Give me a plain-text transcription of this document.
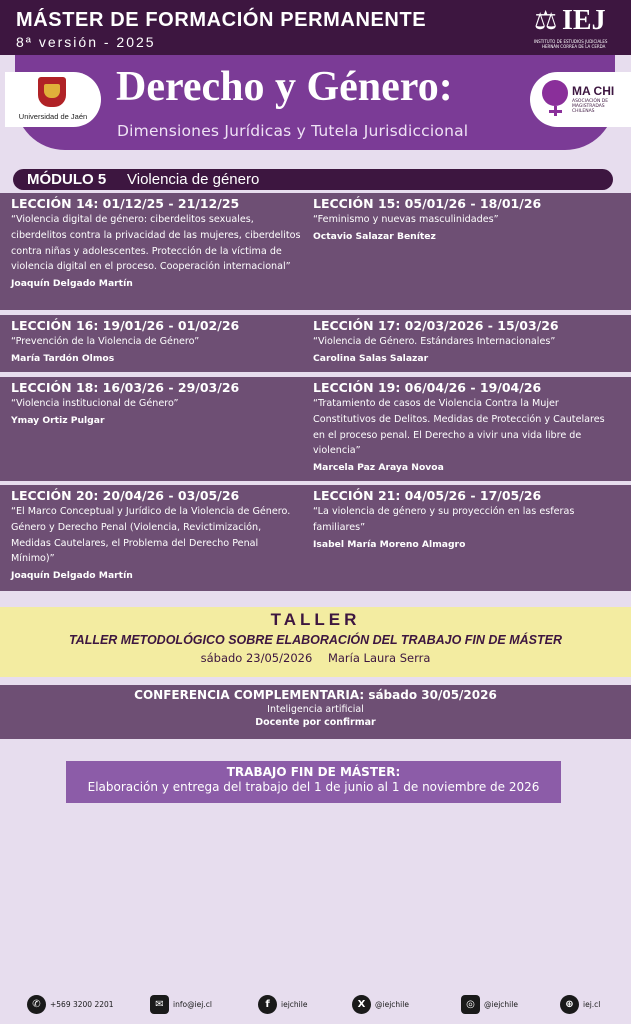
MÁSTER DE FORMACIÓN PERMANENTE
8ª versión - 2025
⚖ IEJ
INSTITUTO DE ESTUDIOS JUDICIALES
HERNÁN CORREA DE LA CERDA
Universidad de Jaén
MA CHI
ASOCIACIÓN DE MAGISTRADAS CHILENAS
Derecho y Género:
Dimensiones Jurídicas y Tutela Jurisdiccional
MÓDULO 5 Violencia de género
LECCIÓN 14: 01/12/25 - 21/12/25
“Violencia digital de género: ciberdelitos sexuales, ciberdelitos contra la privacidad de las mujeres, ciberdelitos contra niñas y adolescentes. Protección de la víctima de violencia digital en el proceso. Cooperación internacional”
Joaquín Delgado Martín
LECCIÓN 15: 05/01/26 - 18/01/26
“Feminismo y nuevas masculinidades”
Octavio Salazar Benítez
LECCIÓN 16: 19/01/26 - 01/02/26
“Prevención de la Violencia de Género”
María Tardón Olmos
LECCIÓN 17: 02/03/2026 - 15/03/26
“Violencia de Género. Estándares Internacionales”
Carolina Salas Salazar
LECCIÓN 18: 16/03/26 - 29/03/26
“Violencia institucional de Género”
Ymay Ortiz Pulgar
LECCIÓN 19: 06/04/26 - 19/04/26
“Tratamiento de casos de Violencia Contra la Mujer Constitutivos de Delitos. Medidas de Protección y Cautelares en el proceso penal. El Derecho a vivir una vida libre de violencia”
Marcela Paz Araya Novoa
LECCIÓN 20: 20/04/26 - 03/05/26
“El Marco Conceptual y Jurídico de la Violencia de Género. Género y Derecho Penal (Violencia, Revictimización, Medidas Cautelares, el Problema del Derecho Penal Mínimo)”
Joaquín Delgado Martín
LECCIÓN 21: 04/05/26 - 17/05/26
“La violencia de género y su proyección en las esferas familiares”
Isabel María Moreno Almagro
TALLER
TALLER METODOLÓGICO SOBRE ELABORACIÓN DEL TRABAJO FIN DE MÁSTER
sábado 23/05/2026 María Laura Serra
CONFERENCIA COMPLEMENTARIA: sábado 30/05/2026
Inteligencia artificial
Docente por confirmar
TRABAJO FIN DE MÁSTER:
Elaboración y entrega del trabajo del 1 de junio al 1 de noviembre de 2026
✆	+569 3200 2201	✉	info@iej.cl	f	iejchile	X	@iejchile	◎	@iejchile	⊕	iej.cl
